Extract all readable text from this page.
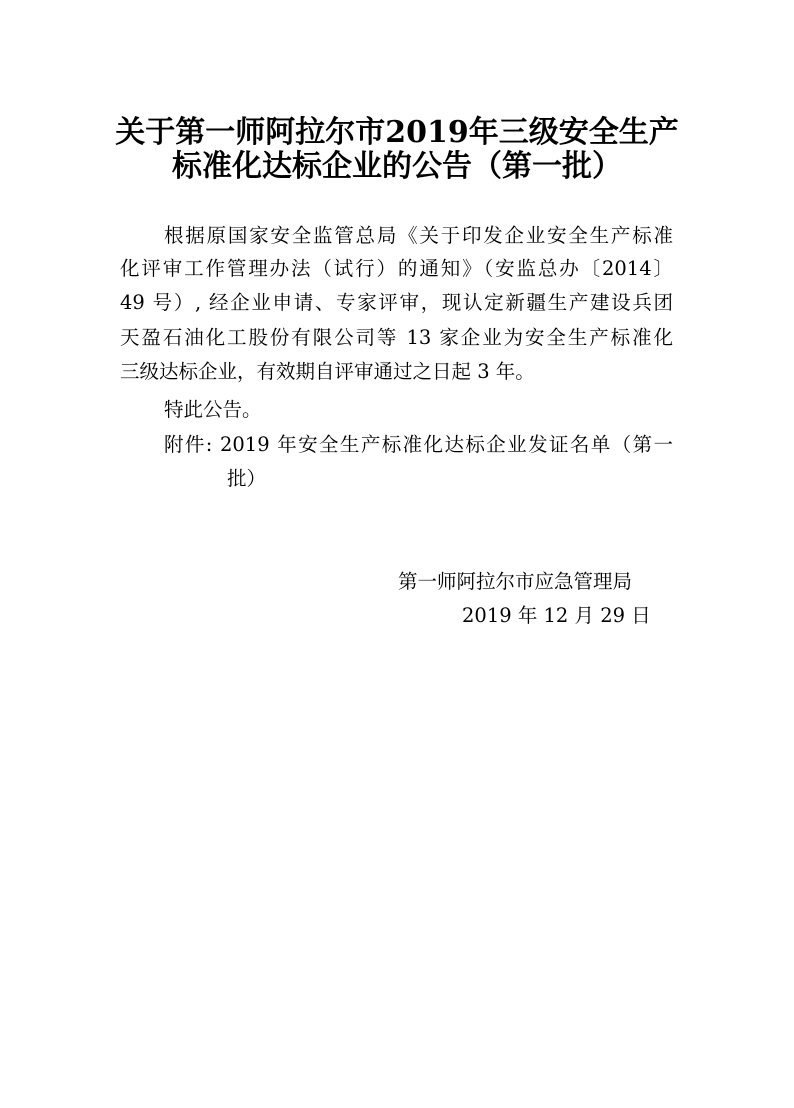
关于第一师阿拉尔市2019年三级安全生产
标准化达标企业的公告（第一批）
根据原国家安全监管总局《关于印发企业安全生产标准
化评审工作管理办法（试行）的通知》（安监总办〔2014〕
49 号）, 经企业申请、专家评审，现认定新疆生产建设兵团
天盈石油化工股份有限公司等 13 家企业为安全生产标准化
三级达标企业，有效期自评审通过之日起 3 年。
特此公告。
附件: 2019 年安全生产标准化达标企业发证名单（第一
批）
第一师阿拉尔市应急管理局
2019 年 12 月 29 日
